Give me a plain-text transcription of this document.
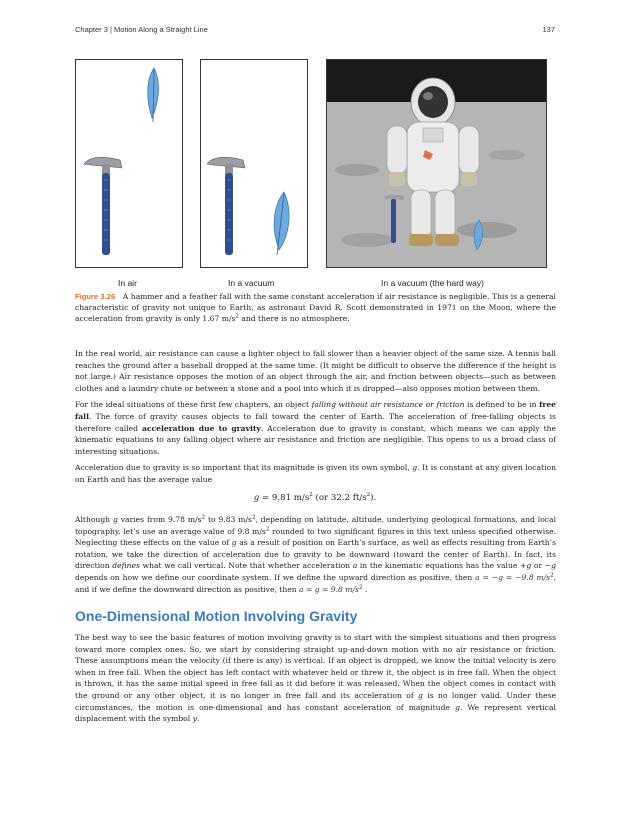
Chapter 3 | Motion Along a Straight Line	137
In air	In a vacuum	In a vacuum (the hard way)
Figure 3.26 A hammer and a feather fall with the same constant acceleration if air resistance is negligible. This is a general characteristic of gravity not unique to Earth, as astronaut David R. Scott demonstrated in 1971 on the Moon, where the acceleration from gravity is only 1.67 $m/s^2$ and there is no atmosphere.

In the real world, air resistance can cause a lighter object to fall slower than a heavier object of the same size. A tennis ball reaches the ground after a baseball dropped at the same time. (It might be difficult to observe the difference if the height is not large.) Air resistance opposes the motion of an object through the air, and friction between objects—such as between clothes and a laundry chute or between a stone and a pool into which it is dropped—also opposes motion between them.

For the ideal situations of these first few chapters, an object falling without air resistance or friction is defined to be in free fall. The force of gravity causes objects to fall toward the center of Earth. The acceleration of free-falling objects is therefore called acceleration due to gravity. Acceleration due to gravity is constant, which means we can apply the kinematic equations to any falling object where air resistance and friction are negligible. This opens to us a broad class of interesting situations.

Acceleration due to gravity is so important that its magnitude is given its own symbol, g. It is constant at any given location on Earth and has the average value

g = 9.81 $m/s^2$ (or 32.2 $ft/s^2$).

Although g varies from 9.78 $m/s^2$ to 9.83 $m/s^2$, depending on latitude, altitude, underlying geological formations, and local topography, let’s use an average value of 9.8 $m/s^2$ rounded to two significant figures in this text unless specified otherwise. Neglecting these effects on the value of g as a result of position on Earth’s surface, as well as effects resulting from Earth’s rotation, we take the direction of acceleration due to gravity to be downward (toward the center of Earth). In fact, its direction defines what we call vertical. Note that whether acceleration a in the kinematic equations has the value +g or −g depends on how we define our coordinate system. If we define the upward direction as positive, then a = −g = −9.8 $m/s^2$, and if we define the downward direction as positive, then a = g = 9.8 $m/s^2$ .

One-Dimensional Motion Involving Gravity

The best way to see the basic features of motion involving gravity is to start with the simplest situations and then progress toward more complex ones. So, we start by considering straight up-and-down motion with no air resistance or friction. These assumptions mean the velocity (if there is any) is vertical. If an object is dropped, we know the initial velocity is zero when in free fall. When the object has left contact with whatever held or threw it, the object is in free fall. When the object is thrown, it has the same initial speed in free fall as it did before it was released. When the object comes in contact with the ground or any other object, it is no longer in free fall and its acceleration of g is no longer valid. Under these circumstances, the motion is one-dimensional and has constant acceleration of magnitude g. We represent vertical displacement with the symbol y.
